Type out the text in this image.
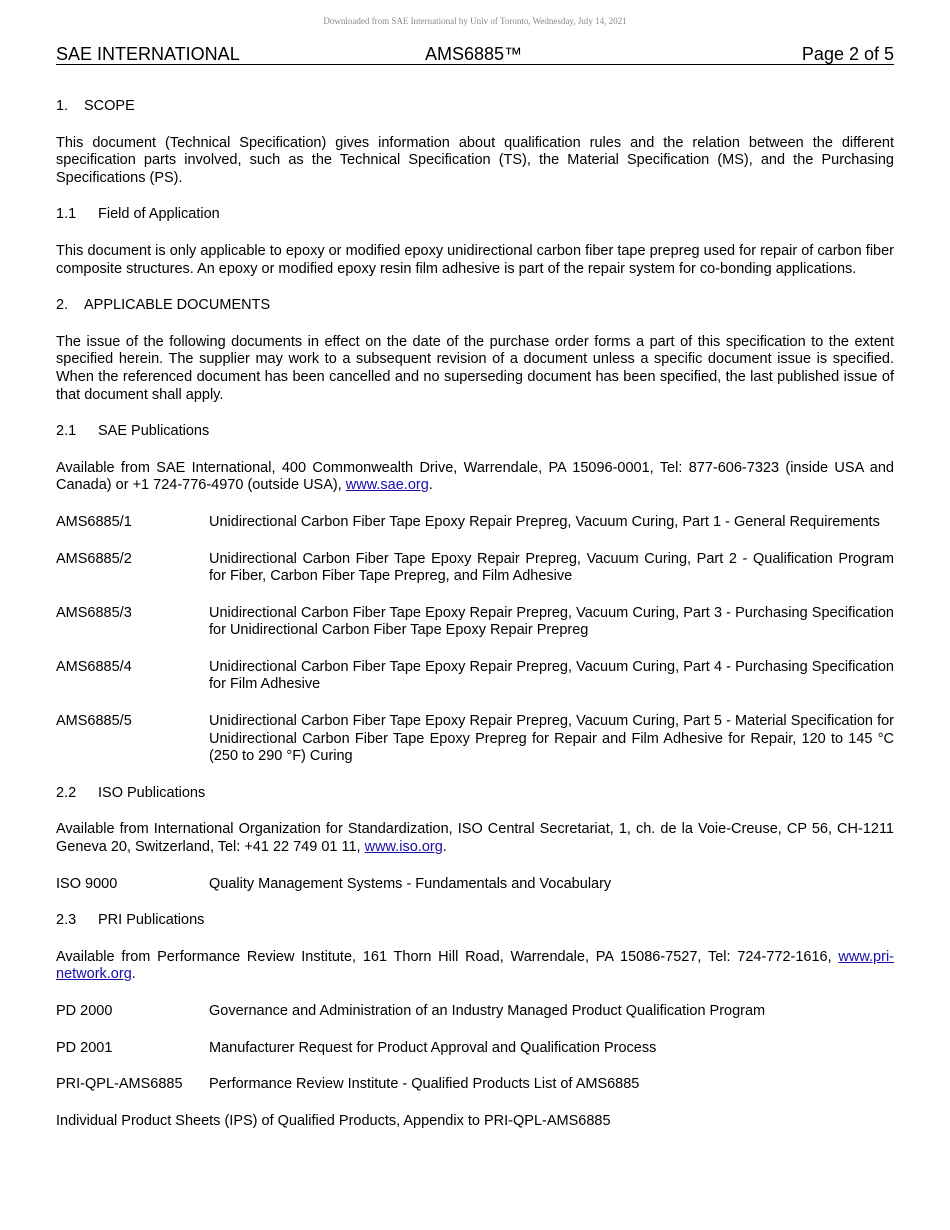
Downloaded from SAE International by Univ of Toronto, Wednesday, July 14, 2021
SAE INTERNATIONAL	AMS6885™	Page 2 of 5
1. SCOPE
This document (Technical Specification) gives information about qualification rules and the relation between the different specification parts involved, such as the Technical Specification (TS), the Material Specification (MS), and the Purchasing Specifications (PS).
1.1 Field of Application
This document is only applicable to epoxy or modified epoxy unidirectional carbon fiber tape prepreg used for repair of carbon fiber composite structures. An epoxy or modified epoxy resin film adhesive is part of the repair system for co-bonding applications.
2. APPLICABLE DOCUMENTS
The issue of the following documents in effect on the date of the purchase order forms a part of this specification to the extent specified herein. The supplier may work to a subsequent revision of a document unless a specific document issue is specified. When the referenced document has been cancelled and no superseding document has been specified, the last published issue of that document shall apply.
2.1 SAE Publications
Available from SAE International, 400 Commonwealth Drive, Warrendale, PA 15096-0001, Tel: 877-606-7323 (inside USA and Canada) or +1 724-776-4970 (outside USA), www.sae.org.
AMS6885/1	Unidirectional Carbon Fiber Tape Epoxy Repair Prepreg, Vacuum Curing, Part 1 - General Requirements
AMS6885/2	Unidirectional Carbon Fiber Tape Epoxy Repair Prepreg, Vacuum Curing, Part 2 - Qualification Program for Fiber, Carbon Fiber Tape Prepreg, and Film Adhesive
AMS6885/3	Unidirectional Carbon Fiber Tape Epoxy Repair Prepreg, Vacuum Curing, Part 3 - Purchasing Specification for Unidirectional Carbon Fiber Tape Epoxy Repair Prepreg
AMS6885/4	Unidirectional Carbon Fiber Tape Epoxy Repair Prepreg, Vacuum Curing, Part 4 - Purchasing Specification for Film Adhesive
AMS6885/5	Unidirectional Carbon Fiber Tape Epoxy Repair Prepreg, Vacuum Curing, Part 5 - Material Specification for Unidirectional Carbon Fiber Tape Epoxy Prepreg for Repair and Film Adhesive for Repair, 120 to 145 °C (250 to 290 °F) Curing
2.2 ISO Publications
Available from International Organization for Standardization, ISO Central Secretariat, 1, ch. de la Voie-Creuse, CP 56, CH-1211 Geneva 20, Switzerland, Tel: +41 22 749 01 11, www.iso.org.
ISO 9000	Quality Management Systems - Fundamentals and Vocabulary
2.3 PRI Publications
Available from Performance Review Institute, 161 Thorn Hill Road, Warrendale, PA 15086-7527, Tel: 724-772-1616, www.pri-network.org.
PD 2000	Governance and Administration of an Industry Managed Product Qualification Program
PD 2001	Manufacturer Request for Product Approval and Qualification Process
PRI-QPL-AMS6885	Performance Review Institute - Qualified Products List of AMS6885
Individual Product Sheets (IPS) of Qualified Products, Appendix to PRI-QPL-AMS6885
